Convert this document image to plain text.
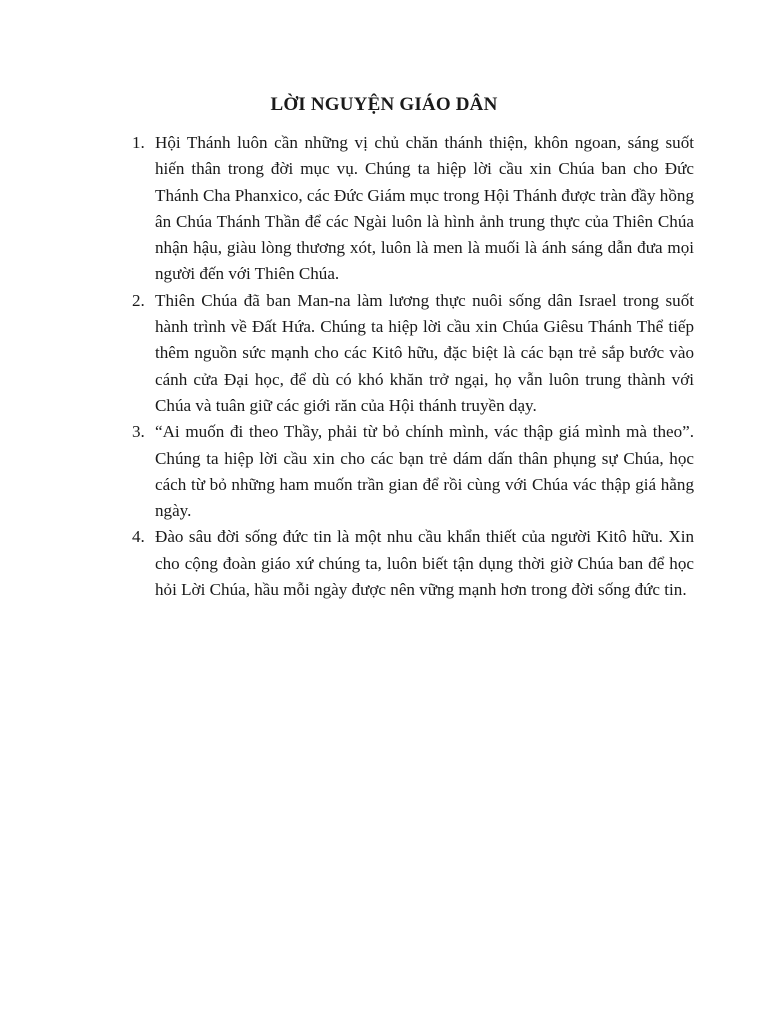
LỜI NGUYỆN GIÁO DÂN
1. Hội Thánh luôn cần những vị chủ chăn thánh thiện, khôn ngoan, sáng suốt hiến thân trong đời mục vụ. Chúng ta hiệp lời cầu xin Chúa ban cho Đức Thánh Cha Phanxico, các Đức Giám mục trong Hội Thánh được tràn đầy hồng ân Chúa Thánh Thần để các Ngài luôn là hình ảnh trung thực của Thiên Chúa nhận hậu, giàu lòng thương xót, luôn là men là muối là ánh sáng dẫn đưa mọi người đến với Thiên Chúa.
2. Thiên Chúa đã ban Man-na làm lương thực nuôi sống dân Israel trong suốt hành trình về Đất Hứa. Chúng ta hiệp lời cầu xin Chúa Giêsu Thánh Thể tiếp thêm nguồn sức mạnh cho các Kitô hữu, đặc biệt là các bạn trẻ sắp bước vào cánh cửa Đại học, để dù có khó khăn trở ngại, họ vẫn luôn trung thành với Chúa và tuân giữ các giới răn của Hội thánh truyền dạy.
3. “Ai muốn đi theo Thầy, phải từ bỏ chính mình, vác thập giá mình mà theo”. Chúng ta hiệp lời cầu xin cho các bạn trẻ dám dấn thân phụng sự Chúa, học cách từ bỏ những ham muốn trần gian để rồi cùng với Chúa vác thập giá hằng ngày.
4. Đào sâu đời sống đức tin là một nhu cầu khẩn thiết của người Kitô hữu. Xin cho cộng đoàn giáo xứ chúng ta, luôn biết tận dụng thời giờ Chúa ban để học hỏi Lời Chúa, hầu mỗi ngày được nên vững mạnh hơn trong đời sống đức tin.
